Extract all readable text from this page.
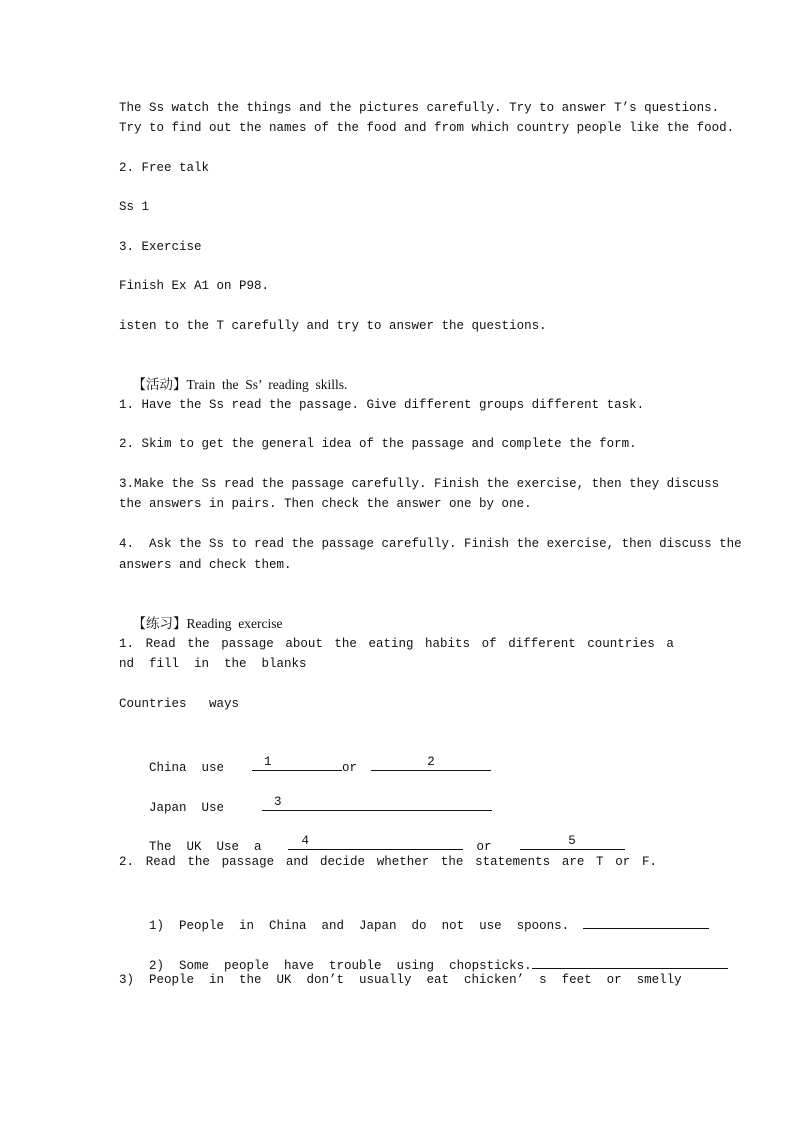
The Ss watch the things and the pictures carefully. Try to answer T’s questions.
Try to find out the names of the food and from which country people like the food.
2. Free talk
Ss 1
3. Exercise
Finish Ex A1 on P98.
isten to the T carefully and try to answer the questions.

【活动】Train  the  Ss’  reading  skills.

1. Have the Ss read the passage. Give different groups different task.
2. Skim to get the general idea of the passage and complete the form.
3.Make the Ss read the passage carefully. Finish the exercise, then they discuss
the answers in pairs. Then check the answer one by one.
4.  Ask the Ss to read the passage carefully. Finish the exercise, then discuss the
answers and check them.

【练习】Reading  exercise

1. Read the passage about the eating habits of different countries a
nd  fill  in  the  blanks
Countries   ways

China  use	1	or	2

Japan  Use	3

The  UK  Use  a	4	or	5

2. Read the passage and decide whether the statements are T or F.

1)  People  in  China  and  Japan  do  not  use  spoons.

2)  Some  people  have  trouble  using  chopsticks.

3)  People  in  the  UK  don’t  usually  eat  chicken’  s  feet  or  smelly
